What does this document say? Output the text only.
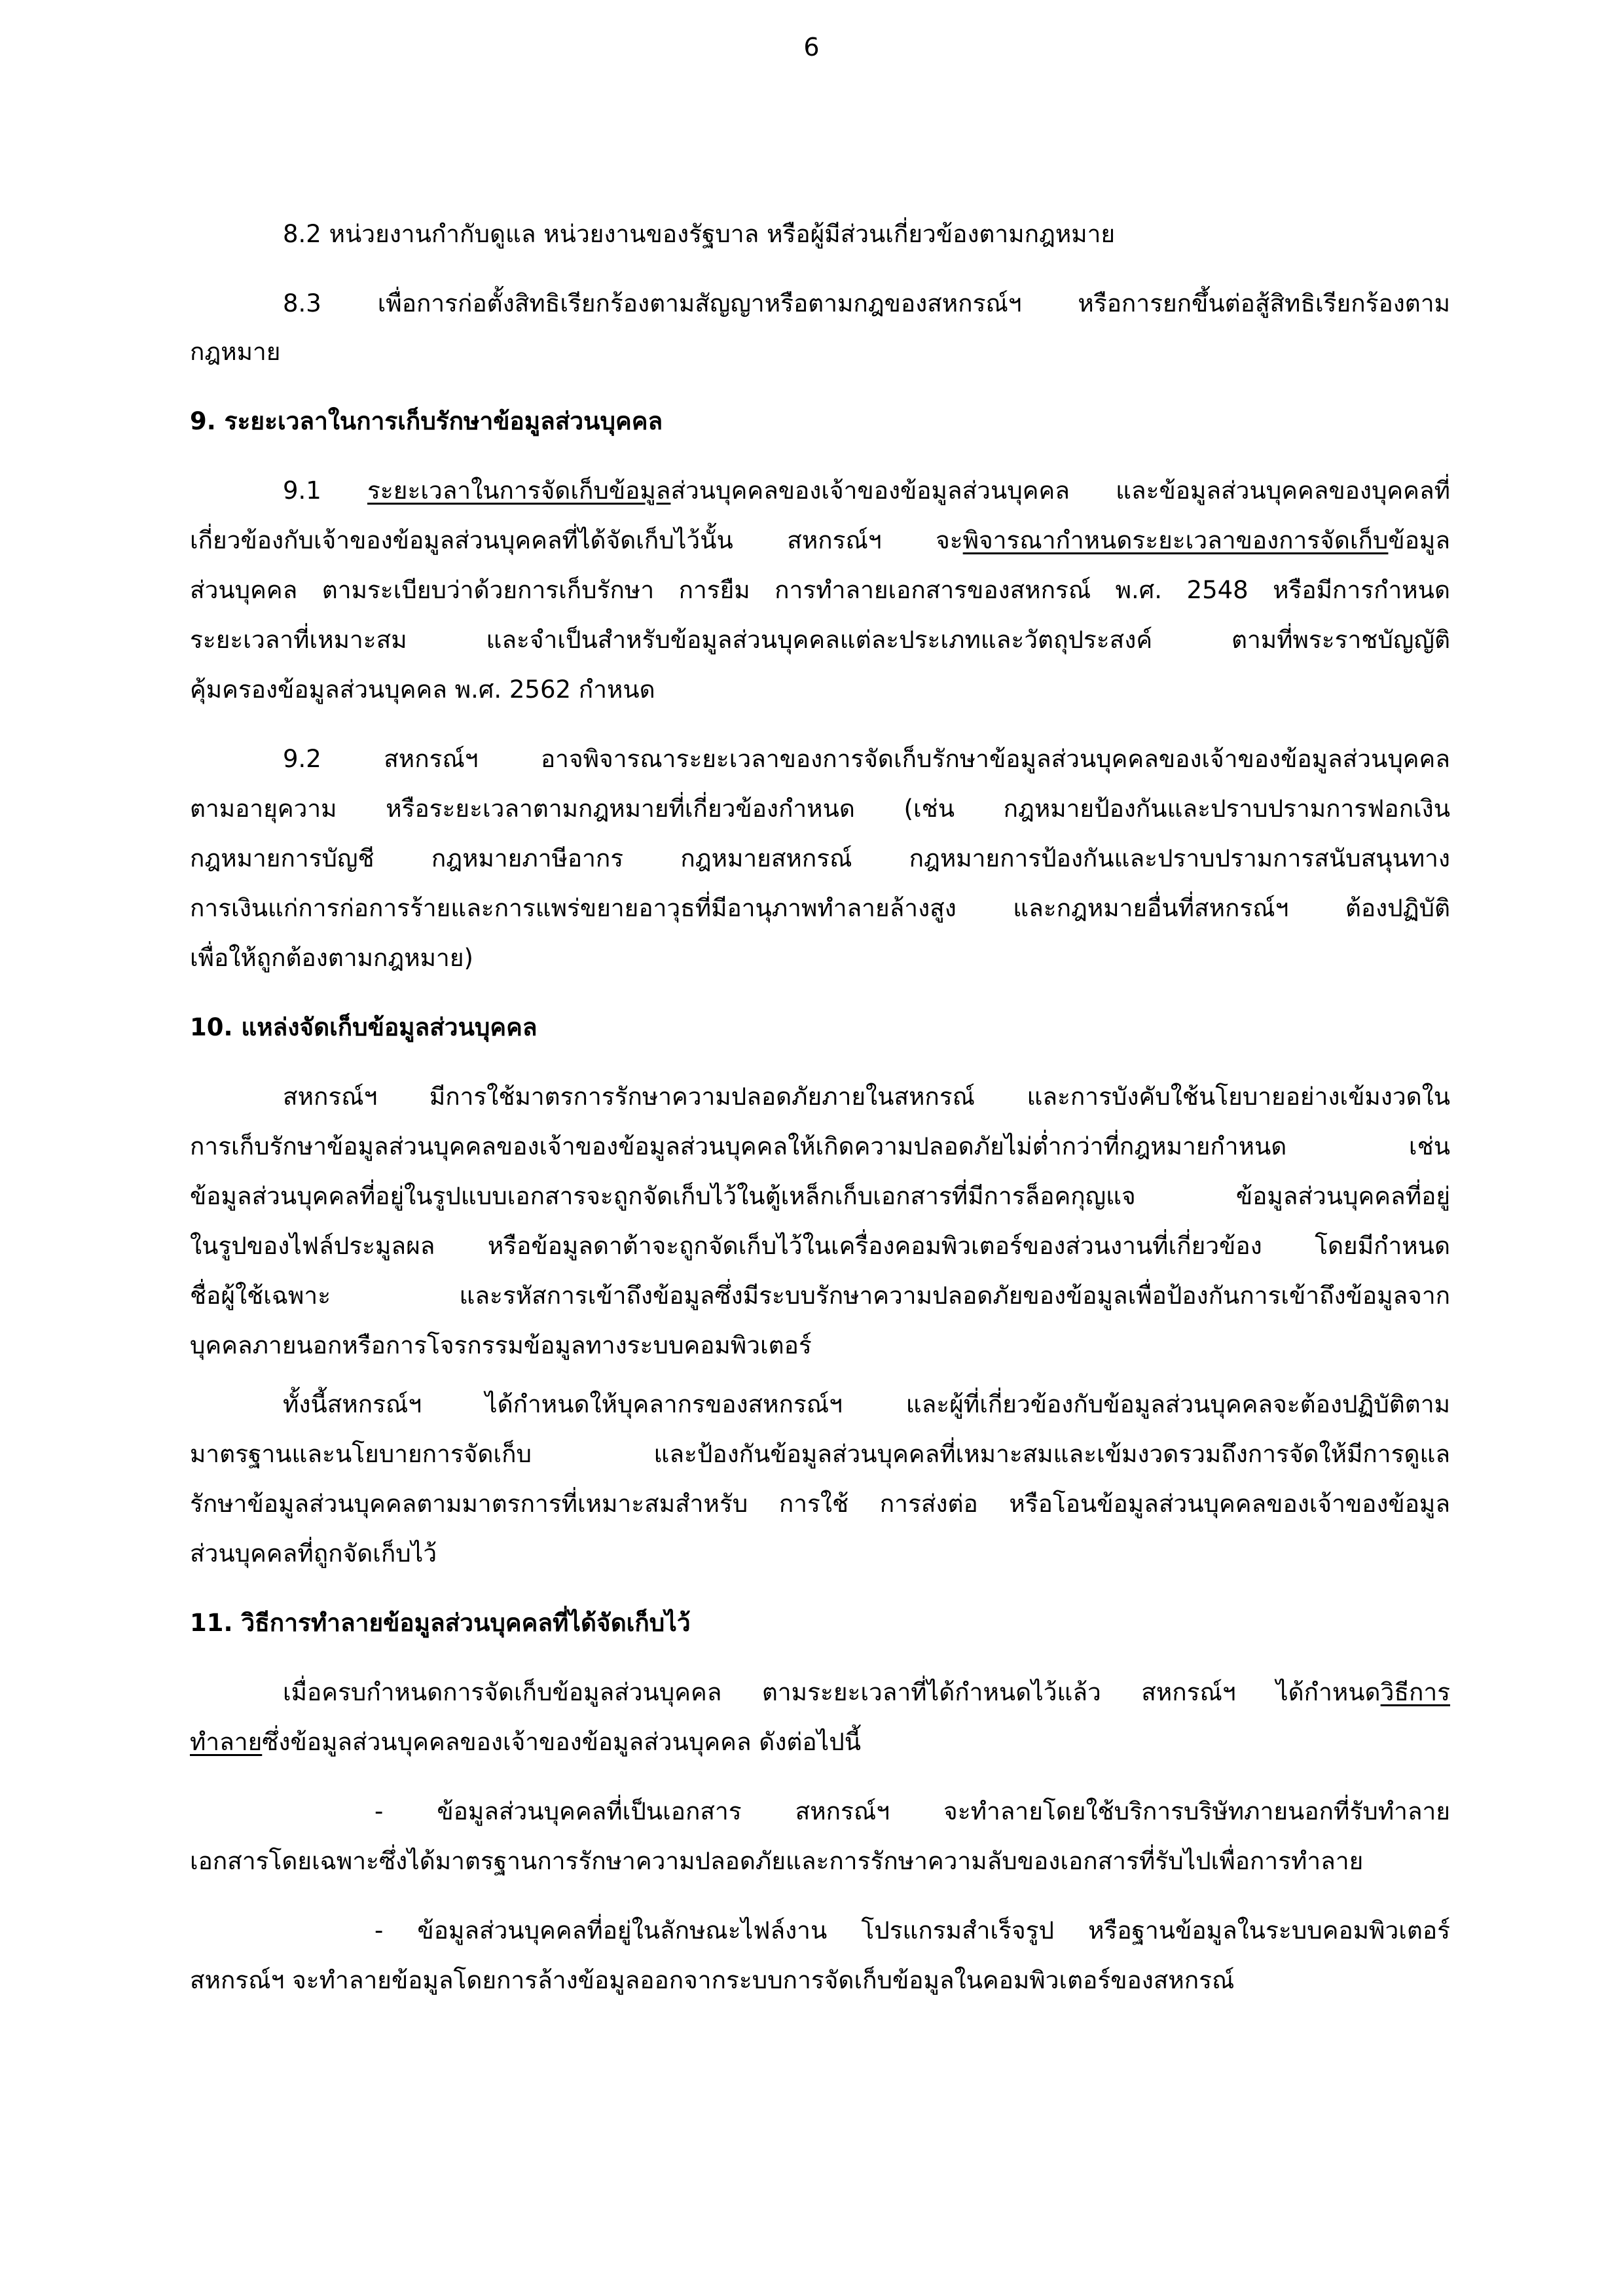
6
8.2 หน่วยงานกำกับดูแล หน่วยงานของรัฐบาล หรือผู้มีส่วนเกี่ยวข้องตามกฎหมาย
8.3 เพื่อการก่อตั้งสิทธิเรียกร้องตามสัญญาหรือตามกฎของสหกรณ์ฯ หรือการยกขึ้นต่อสู้สิทธิเรียกร้องตาม
กฎหมาย
9. ระยะเวลาในการเก็บรักษาข้อมูลส่วนบุคคล
9.1 ระยะเวลาในการจัดเก็บข้อมูลส่วนบุคคลของเจ้าของข้อมูลส่วนบุคคล และข้อมูลส่วนบุคคลของบุคคลที่
เกี่ยวข้องกับเจ้าของข้อมูลส่วนบุคคลที่ได้จัดเก็บไว้นั้น สหกรณ์ฯ จะพิจารณากำหนดระยะเวลาของการจัดเก็บข้อมูล
ส่วนบุคคล ตามระเบียบว่าด้วยการเก็บรักษา การยืม การทำลายเอกสารของสหกรณ์ พ.ศ. 2548 หรือมีการกำหนด
ระยะเวลาที่เหมาะสม และจำเป็นสำหรับข้อมูลส่วนบุคคลแต่ละประเภทและวัตถุประสงค์ ตามที่พระราชบัญญัติ
คุ้มครองข้อมูลส่วนบุคคล พ.ศ. 2562 กำหนด
9.2 สหกรณ์ฯ อาจพิจารณาระยะเวลาของการจัดเก็บรักษาข้อมูลส่วนบุคคลของเจ้าของข้อมูลส่วนบุคคล
ตามอายุความ หรือระยะเวลาตามกฎหมายที่เกี่ยวข้องกำหนด (เช่น กฎหมายป้องกันและปราบปรามการฟอกเงิน
กฎหมายการบัญชี กฎหมายภาษีอากร กฎหมายสหกรณ์ กฎหมายการป้องกันและปราบปรามการสนับสนุนทาง
การเงินแก่การก่อการร้ายและการแพร่ขยายอาวุธที่มีอานุภาพทำลายล้างสูง และกฎหมายอื่นที่สหกรณ์ฯ ต้องปฏิบัติ
เพื่อให้ถูกต้องตามกฎหมาย)
10. แหล่งจัดเก็บข้อมูลส่วนบุคคล
สหกรณ์ฯ มีการใช้มาตรการรักษาความปลอดภัยภายในสหกรณ์ และการบังคับใช้นโยบายอย่างเข้มงวดใน
การเก็บรักษาข้อมูลส่วนบุคคลของเจ้าของข้อมูลส่วนบุคคลให้เกิดความปลอดภัยไม่ต่ำกว่าที่กฎหมายกำหนด เช่น
ข้อมูลส่วนบุคคลที่อยู่ในรูปแบบเอกสารจะถูกจัดเก็บไว้ในตู้เหล็กเก็บเอกสารที่มีการล็อคกุญแจ ข้อมูลส่วนบุคคลที่อยู่
ในรูปของไฟล์ประมูลผล หรือข้อมูลดาต้าจะถูกจัดเก็บไว้ในเครื่องคอมพิวเตอร์ของส่วนงานที่เกี่ยวข้อง โดยมีกำหนด
ชื่อผู้ใช้เฉพาะ และรหัสการเข้าถึงข้อมูลซึ่งมีระบบรักษาความปลอดภัยของข้อมูลเพื่อป้องกันการเข้าถึงข้อมูลจาก
บุคคลภายนอกหรือการโจรกรรมข้อมูลทางระบบคอมพิวเตอร์
ทั้งนี้สหกรณ์ฯ ได้กำหนดให้บุคลากรของสหกรณ์ฯ และผู้ที่เกี่ยวข้องกับข้อมูลส่วนบุคคลจะต้องปฏิบัติตาม
มาตรฐานและนโยบายการจัดเก็บ และป้องกันข้อมูลส่วนบุคคลที่เหมาะสมและเข้มงวดรวมถึงการจัดให้มีการดูแล
รักษาข้อมูลส่วนบุคคลตามมาตรการที่เหมาะสมสำหรับ การใช้ การส่งต่อ หรือโอนข้อมูลส่วนบุคคลของเจ้าของข้อมูล
ส่วนบุคคลที่ถูกจัดเก็บไว้
11. วิธีการทำลายข้อมูลส่วนบุคคลที่ได้จัดเก็บไว้
เมื่อครบกำหนดการจัดเก็บข้อมูลส่วนบุคคล ตามระยะเวลาที่ได้กำหนดไว้แล้ว สหกรณ์ฯ ได้กำหนดวิธีการ
ทำลายซึ่งข้อมูลส่วนบุคคลของเจ้าของข้อมูลส่วนบุคคล ดังต่อไปนี้
- ข้อมูลส่วนบุคคลที่เป็นเอกสาร สหกรณ์ฯ จะทำลายโดยใช้บริการบริษัทภายนอกที่รับทำลาย
เอกสารโดยเฉพาะซึ่งได้มาตรฐานการรักษาความปลอดภัยและการรักษาความลับของเอกสารที่รับไปเพื่อการทำลาย
- ข้อมูลส่วนบุคคลที่อยู่ในลักษณะไฟล์งาน โปรแกรมสำเร็จรูป หรือฐานข้อมูลในระบบคอมพิวเตอร์
สหกรณ์ฯ จะทำลายข้อมูลโดยการล้างข้อมูลออกจากระบบการจัดเก็บข้อมูลในคอมพิวเตอร์ของสหกรณ์
